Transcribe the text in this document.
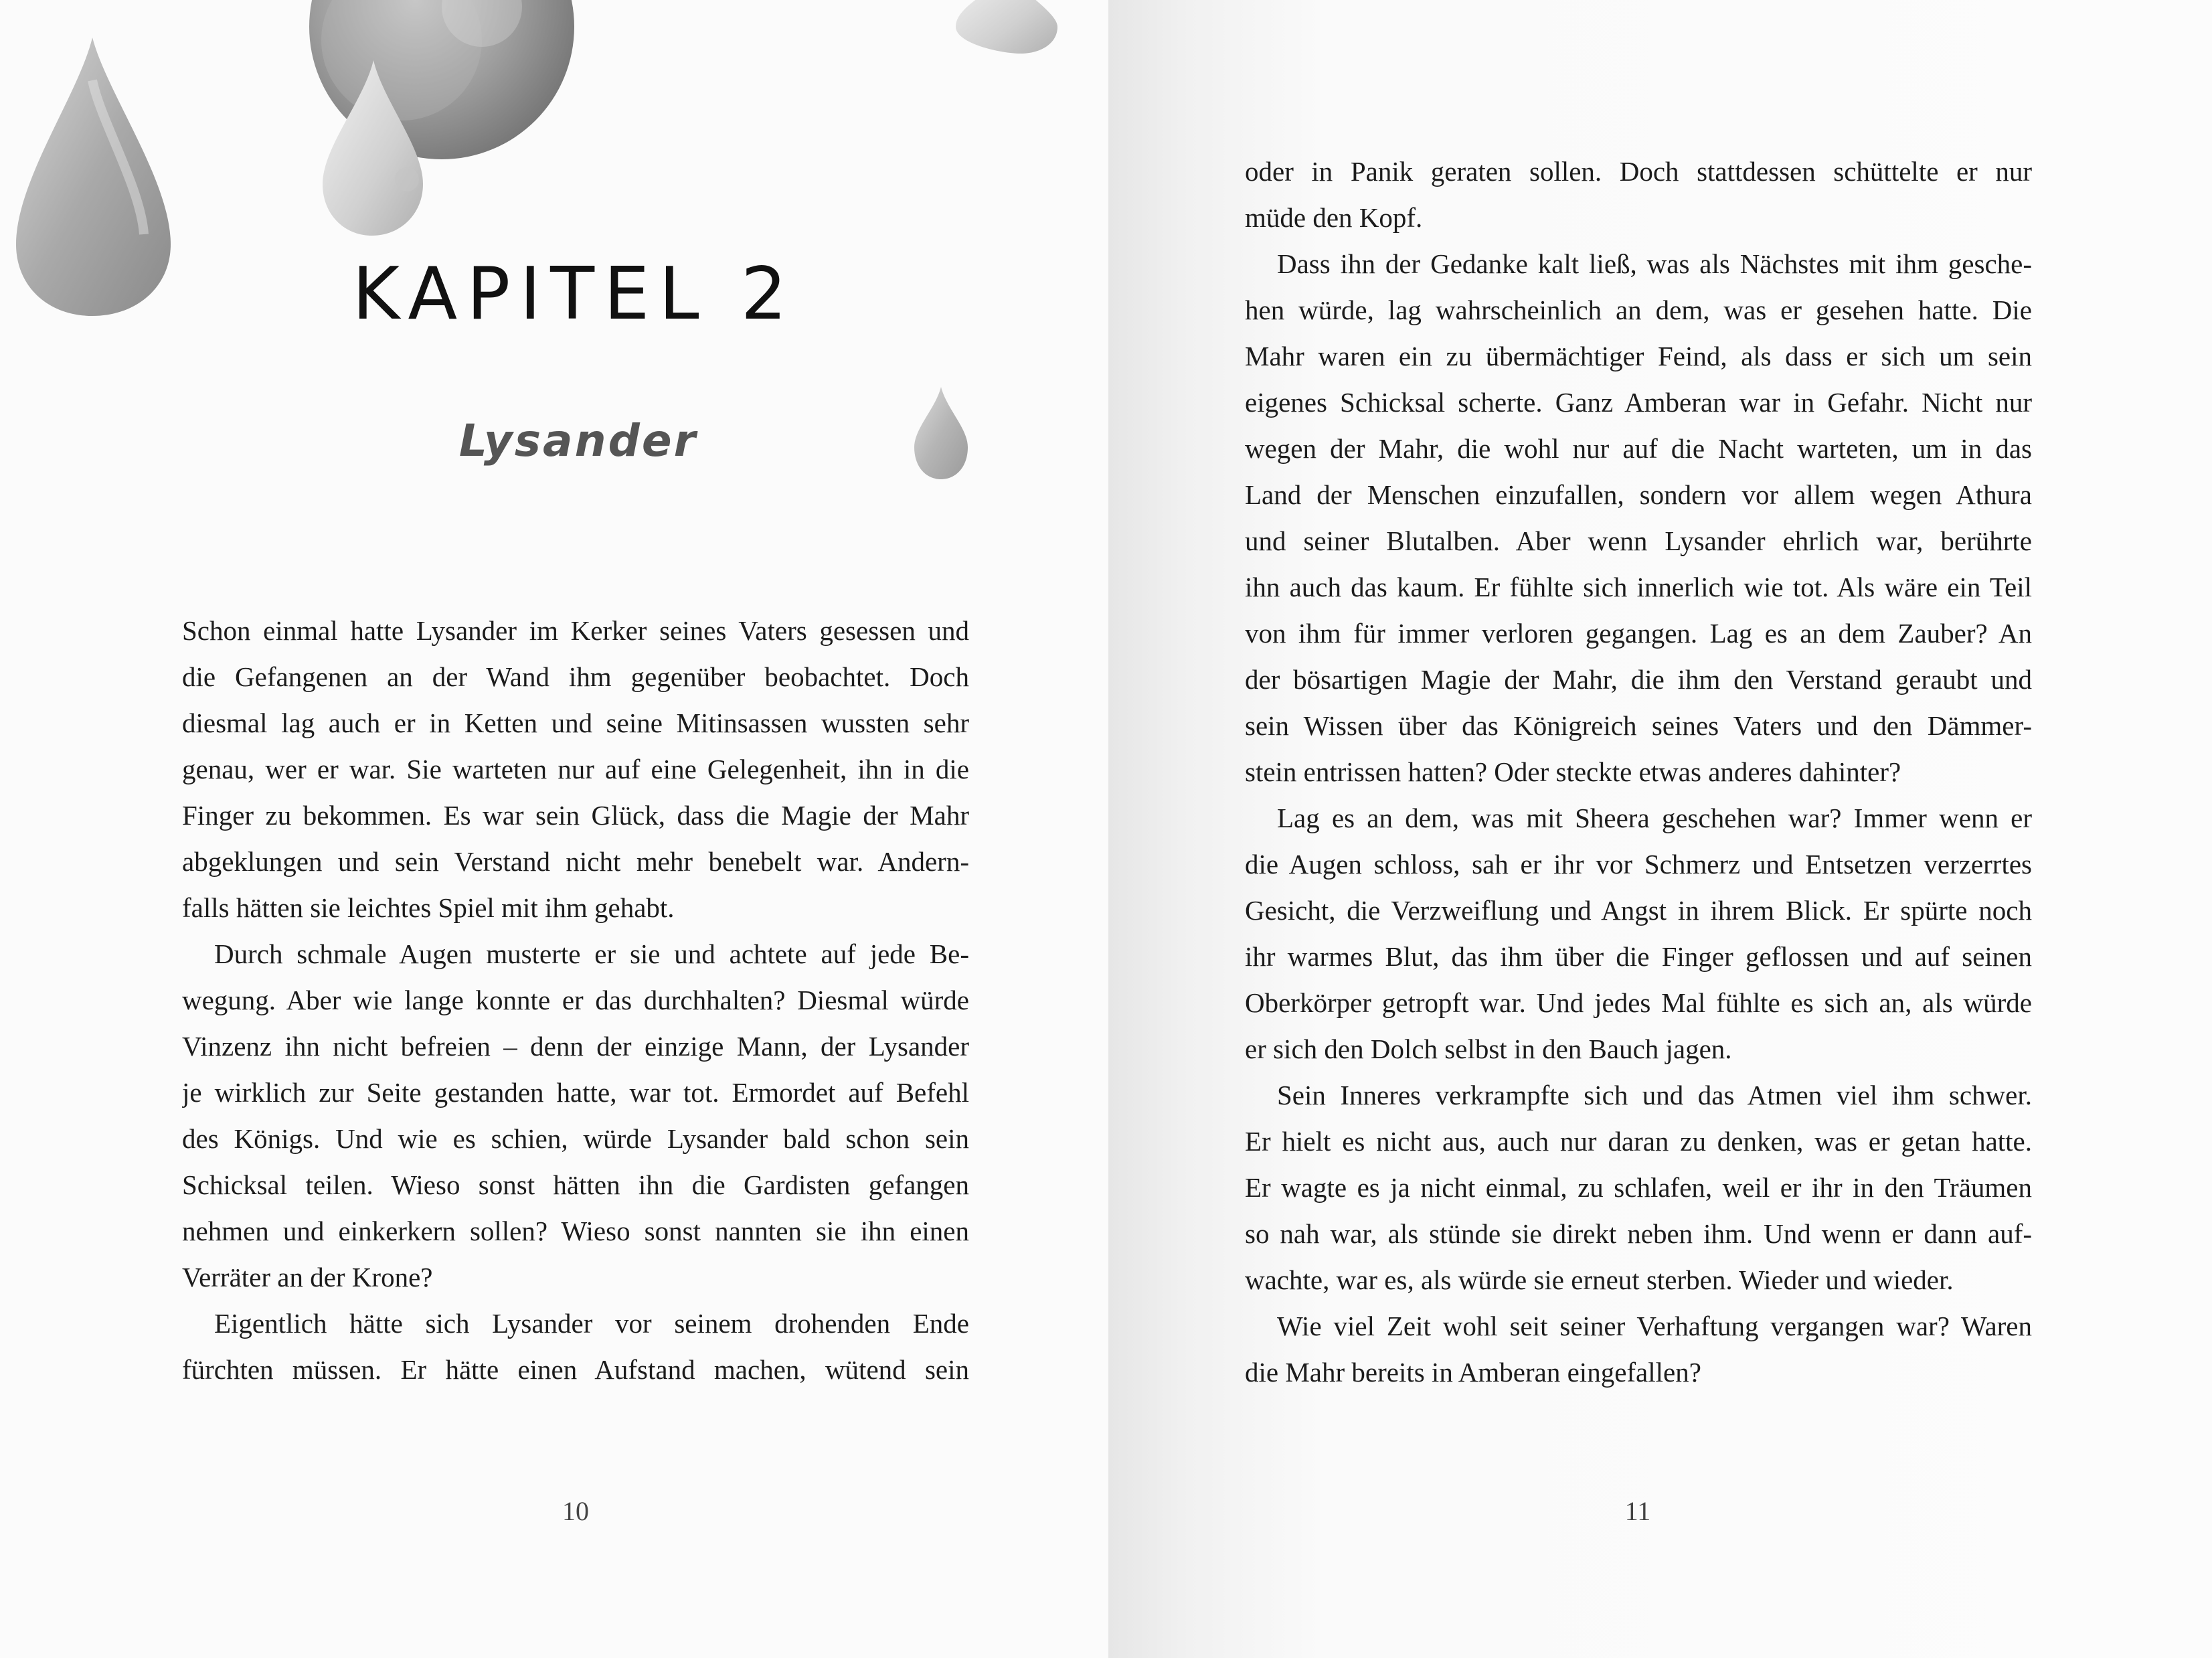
KAPITEL 2
Lysander
Schon einmal hatte Lysander im Kerker seines Vaters gesessen und
die Gefangenen an der Wand ihm gegenüber beobachtet. Doch
diesmal lag auch er in Ketten und seine Mitinsassen wussten sehr
genau, wer er war. Sie warteten nur auf eine Gelegenheit, ihn in die
Finger zu bekommen. Es war sein Glück, dass die Magie der Mahr
abgeklungen und sein Verstand nicht mehr benebelt war. Andern-
falls hätten sie leichtes Spiel mit ihm gehabt.
Durch schmale Augen musterte er sie und achtete auf jede Be-
wegung. Aber wie lange konnte er das durchhalten? Diesmal würde
Vinzenz ihn nicht befreien – denn der einzige Mann, der Lysander
je wirklich zur Seite gestanden hatte, war tot. Ermordet auf Befehl
des Königs. Und wie es schien, würde Lysander bald schon sein
Schicksal teilen. Wieso sonst hätten ihn die Gardisten gefangen
nehmen und einkerkern sollen? Wieso sonst nannten sie ihn einen
Verräter an der Krone?
Eigentlich hätte sich Lysander vor seinem drohenden Ende
fürchten müssen. Er hätte einen Aufstand machen, wütend sein
10
oder in Panik geraten sollen. Doch stattdessen schüttelte er nur
müde den Kopf.
Dass ihn der Gedanke kalt ließ, was als Nächstes mit ihm gesche-
hen würde, lag wahrscheinlich an dem, was er gesehen hatte. Die
Mahr waren ein zu übermächtiger Feind, als dass er sich um sein
eigenes Schicksal scherte. Ganz Amberan war in Gefahr. Nicht nur
wegen der Mahr, die wohl nur auf die Nacht warteten, um in das
Land der Menschen einzufallen, sondern vor allem wegen Athura
und seiner Blutalben. Aber wenn Lysander ehrlich war, berührte
ihn auch das kaum. Er fühlte sich innerlich wie tot. Als wäre ein Teil
von ihm für immer verloren gegangen. Lag es an dem Zauber? An
der bösartigen Magie der Mahr, die ihm den Verstand geraubt und
sein Wissen über das Königreich seines Vaters und den Dämmer-
stein entrissen hatten? Oder steckte etwas anderes dahinter?
Lag es an dem, was mit Sheera geschehen war? Immer wenn er
die Augen schloss, sah er ihr vor Schmerz und Entsetzen verzerrtes
Gesicht, die Verzweiflung und Angst in ihrem Blick. Er spürte noch
ihr warmes Blut, das ihm über die Finger geflossen und auf seinen
Oberkörper getropft war. Und jedes Mal fühlte es sich an, als würde
er sich den Dolch selbst in den Bauch jagen.
Sein Inneres verkrampfte sich und das Atmen viel ihm schwer.
Er hielt es nicht aus, auch nur daran zu denken, was er getan hatte.
Er wagte es ja nicht einmal, zu schlafen, weil er ihr in den Träumen
so nah war, als stünde sie direkt neben ihm. Und wenn er dann auf-
wachte, war es, als würde sie erneut sterben. Wieder und wieder.
Wie viel Zeit wohl seit seiner Verhaftung vergangen war? Waren
die Mahr bereits in Amberan eingefallen?
11
